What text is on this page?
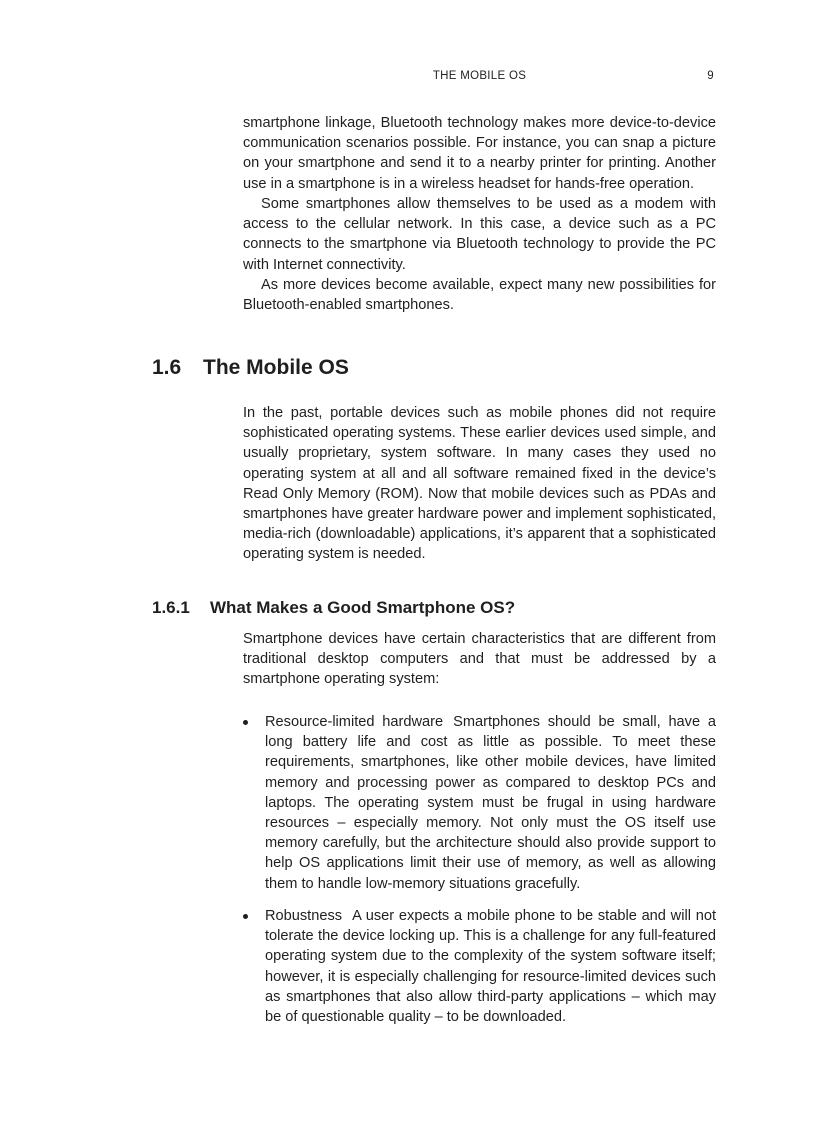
THE MOBILE OS	9

smartphone linkage, Bluetooth technology makes more device-to-device communication scenarios possible. For instance, you can snap a picture on your smartphone and send it to a nearby printer for printing. Another use in a smartphone is in a wireless headset for hands-free operation.

Some smartphones allow themselves to be used as a modem with access to the cellular network. In this case, a device such as a PC connects to the smartphone via Bluetooth technology to provide the PC with Internet connectivity.

As more devices become available, expect many new possibilities for Bluetooth-enabled smartphones.

1.6 The Mobile OS

In the past, portable devices such as mobile phones did not require sophisticated operating systems. These earlier devices used simple, and usually proprietary, system software. In many cases they used no operating system at all and all software remained fixed in the device’s Read Only Memory (ROM). Now that mobile devices such as PDAs and smartphones have greater hardware power and implement sophisticated, media-rich (downloadable) applications, it’s apparent that a sophisticated operating system is needed.

1.6.1 What Makes a Good Smartphone OS?

Smartphone devices have certain characteristics that are different from traditional desktop computers and that must be addressed by a smartphone operating system:

Resource-limited hardware Smartphones should be small, have a long battery life and cost as little as possible. To meet these requirements, smartphones, like other mobile devices, have limited memory and processing power as compared to desktop PCs and laptops. The operating system must be frugal in using hardware resources – especially memory. Not only must the OS itself use memory carefully, but the architecture should also provide support to help OS applications limit their use of memory, as well as allowing them to handle low-memory situations gracefully.

Robustness A user expects a mobile phone to be stable and will not tolerate the device locking up. This is a challenge for any full-featured operating system due to the complexity of the system software itself; however, it is especially challenging for resource-limited devices such as smartphones that also allow third-party applications – which may be of questionable quality – to be downloaded.
